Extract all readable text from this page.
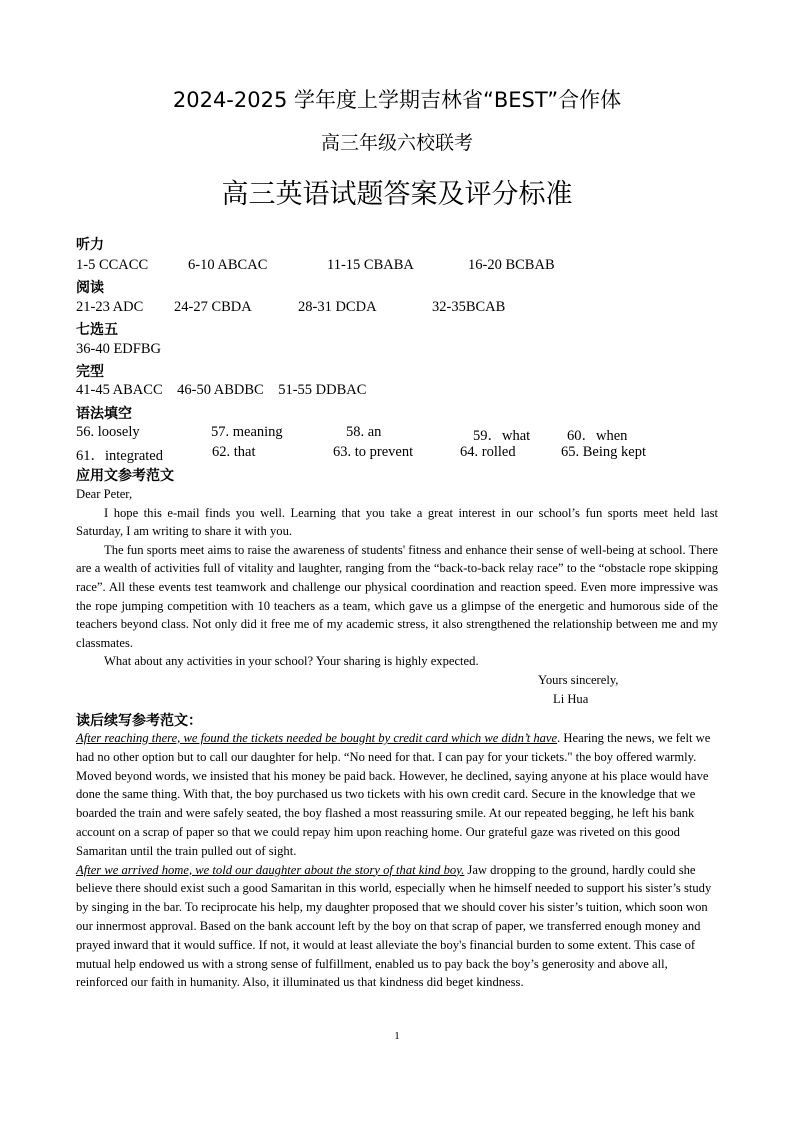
2024-2025 学年度上学期吉林省“BEST”合作体
高三年级六校联考
高三英语试题答案及评分标准
听力
1-5 CCACC	6-10 ABCAC	11-15 CBABA	16-20 BCBAB
阅读
21-23 ADC 24-27 CBDA	28-31 DCDA	32-35BCAB
七选五
36-40 EDFBG
完型
41-45 ABACC    46-50 ABDBC    51-55 DDBAC
语法填空
56. loosely	57. meaning	58. an	59．what	60．when
61．integrated	62. that	63. to prevent	64. rolled	65. Being kept
应用文参考范文

Dear Peter,

I hope this e-mail finds you well. Learning that you take a great interest in our school’s fun sports meet held last Saturday, I am writing to share it with you.

The fun sports meet aims to raise the awareness of students' fitness and enhance their sense of well-being at school. There are a wealth of activities full of vitality and laughter, ranging from the “back-to-back relay race” to the “obstacle rope skipping race”. All these events test teamwork and challenge our physical coordination and reaction speed. Even more impressive was the rope jumping competition with 10 teachers as a team, which gave us a glimpse of the energetic and humorous side of the teachers beyond class. Not only did it free me of my academic stress, it also strengthened the relationship between me and my classmates.

What about any activities in your school? Your sharing is highly expected.

Yours sincerely,
Li Hua
读后续写参考范文：

After reaching there, we found the tickets needed be bought by credit card which we didn’t have. Hearing the news, we felt we had no other option but to call our daughter for help. “No need for that. I can pay for your tickets." the boy offered warmly. Moved beyond words, we insisted that his money be paid back. However, he declined, saying anyone at his place would have done the same thing. With that, the boy purchased us two tickets with his own credit card. Secure in the knowledge that we boarded the train and were safely seated, the boy flashed a most reassuring smile. At our repeated begging, he left his bank account on a scrap of paper so that we could repay him upon reaching home. Our grateful gaze was riveted on this good Samaritan until the train pulled out of sight.

After we arrived home, we told our daughter about the story of that kind boy. Jaw dropping to the ground, hardly could she believe there should exist such a good Samaritan in this world, especially when he himself needed to support his sister’s study by singing in the bar. To reciprocate his help, my daughter proposed that we should cover his sister’s tuition, which soon won our innermost approval. Based on the bank account left by the boy on that scrap of paper, we transferred enough money and prayed inward that it would suffice. If not, it would at least alleviate the boy's financial burden to some extent. This case of mutual help endowed us with a strong sense of fulfillment, enabled us to pay back the boy’s generosity and above all, reinforced our faith in humanity. Also, it illuminated us that kindness did beget kindness.

1
